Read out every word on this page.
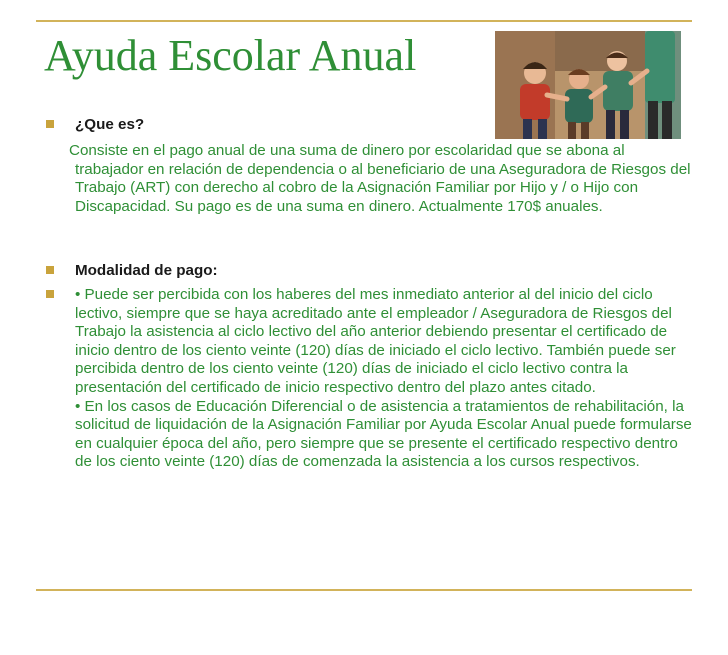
Ayuda Escolar Anual
¿Que es?

Consiste en el pago anual de una suma de dinero por escolaridad que se abona al trabajador en relación de dependencia o al beneficiario de una Aseguradora de Riesgos del Trabajo (ART) con derecho al cobro de la Asignación Familiar por Hijo y / o Hijo con Discapacidad. Su pago es de una suma en dinero. Actualmente 170$ anuales.

Modalidad de pago:
• Puede ser percibida con los haberes del mes inmediato anterior al del inicio del ciclo lectivo, siempre que se haya acreditado ante el empleador / Aseguradora de Riesgos del Trabajo la asistencia al ciclo lectivo del año anterior debiendo presentar el certificado de inicio dentro de los ciento veinte (120) días de iniciado el ciclo lectivo. También puede ser percibida dentro de los ciento veinte (120) días de iniciado el ciclo lectivo contra la presentación del certificado de inicio respectivo dentro del plazo antes citado.
• En los casos de Educación Diferencial o de asistencia a tratamientos de rehabilitación, la solicitud de liquidación de la Asignación Familiar por Ayuda Escolar Anual puede formularse en cualquier época del año, pero siempre que se presente el certificado respectivo dentro de los ciento veinte (120) días de comenzada la asistencia a los cursos respectivos.
